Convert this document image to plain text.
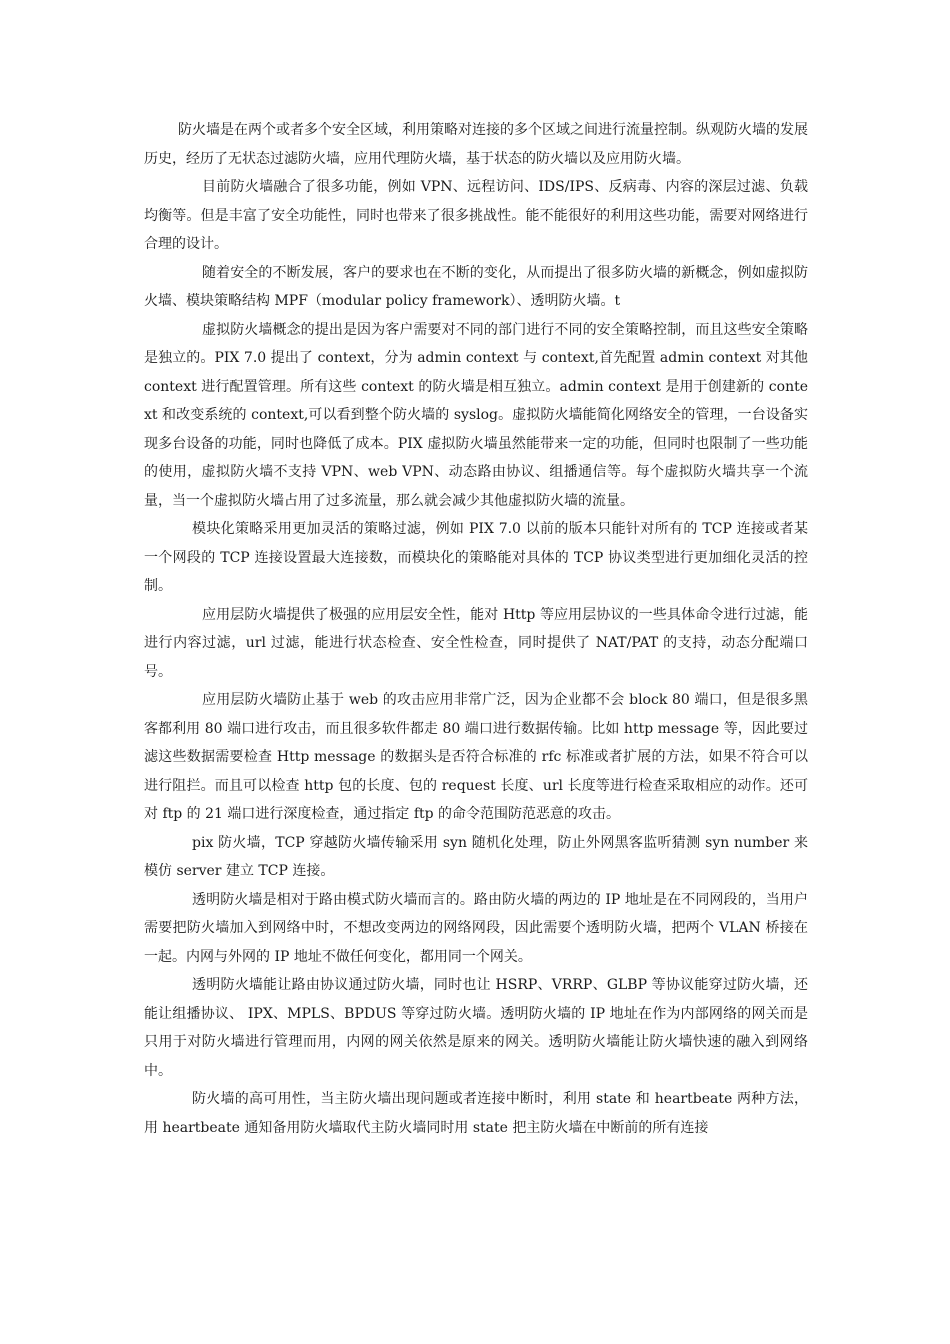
防火墙是在两个或者多个安全区域，利用策略对连接的多个区域之间进行流量控制。纵观防火墙的发展历史，经历了无状态过滤防火墙，应用代理防火墙，基于状态的防火墙以及应用防火墙。

目前防火墙融合了很多功能，例如 VPN、远程访问、IDS/IPS、反病毒、内容的深层过滤、负载均衡等。但是丰富了安全功能性，同时也带来了很多挑战性。能不能很好的利用这些功能，需要对网络进行合理的设计。

随着安全的不断发展，客户的要求也在不断的变化，从而提出了很多防火墙的新概念，例如虚拟防火墙、模块策略结构 MPF（modular policy framework）、透明防火墙。t

虚拟防火墙概念的提出是因为客户需要对不同的部门进行不同的安全策略控制，而且这些安全策略是独立的。PIX 7.0 提出了 context，分为 admin context 与 context,首先配置 admin context 对其他 context 进行配置管理。所有这些 context 的防火墙是相互独立。admin context 是用于创建新的 context 和改变系统的 context,可以看到整个防火墙的 syslog。虚拟防火墙能简化网络安全的管理，一台设备实现多台设备的功能，同时也降低了成本。PIX 虚拟防火墙虽然能带来一定的功能，但同时也限制了一些功能的使用，虚拟防火墙不支持 VPN、web VPN、动态路由协议、组播通信等。每个虚拟防火墙共享一个流量，当一个虚拟防火墙占用了过多流量，那么就会减少其他虚拟防火墙的流量。

模块化策略采用更加灵活的策略过滤，例如 PIX 7.0 以前的版本只能针对所有的 TCP 连接或者某一个网段的 TCP 连接设置最大连接数，而模块化的策略能对具体的 TCP 协议类型进行更加细化灵活的控制。

应用层防火墙提供了极强的应用层安全性，能对 Http 等应用层协议的一些具体命令进行过滤，能进行内容过滤，url 过滤，能进行状态检查、安全性检查，同时提供了 NAT/PAT 的支持，动态分配端口号。

应用层防火墙防止基于 web 的攻击应用非常广泛，因为企业都不会 block 80 端口，但是很多黑客都利用 80 端口进行攻击，而且很多软件都走 80 端口进行数据传输。比如 http message 等，因此要过滤这些数据需要检查 Http message 的数据头是否符合标准的 rfc 标准或者扩展的方法，如果不符合可以进行阻拦。而且可以检查 http 包的长度、包的 request 长度、url 长度等进行检查采取相应的动作。还可对 ftp 的 21 端口进行深度检查，通过指定 ftp 的命令范围防范恶意的攻击。

pix 防火墙，TCP 穿越防火墙传输采用 syn 随机化处理，防止外网黑客监听猜测 syn number 来模仿 server 建立 TCP 连接。

透明防火墙是相对于路由模式防火墙而言的。路由防火墙的两边的 IP 地址是在不同网段的，当用户需要把防火墙加入到网络中时，不想改变两边的网络网段，因此需要个透明防火墙，把两个 VLAN 桥接在一起。内网与外网的 IP 地址不做任何变化，都用同一个网关。

透明防火墙能让路由协议通过防火墙，同时也让 HSRP、VRRP、GLBP 等协议能穿过防火墙，还能让组播协议、 IPX、MPLS、BPDUS 等穿过防火墙。透明防火墙的 IP 地址在作为内部网络的网关而是只用于对防火墙进行管理而用，内网的网关依然是原来的网关。透明防火墙能让防火墙快速的融入到网络中。

防火墙的高可用性，当主防火墙出现问题或者连接中断时，利用 state 和 heartbeate 两种方法，用 heartbeate 通知备用防火墙取代主防火墙同时用 state 把主防火墙在中断前的所有连接
